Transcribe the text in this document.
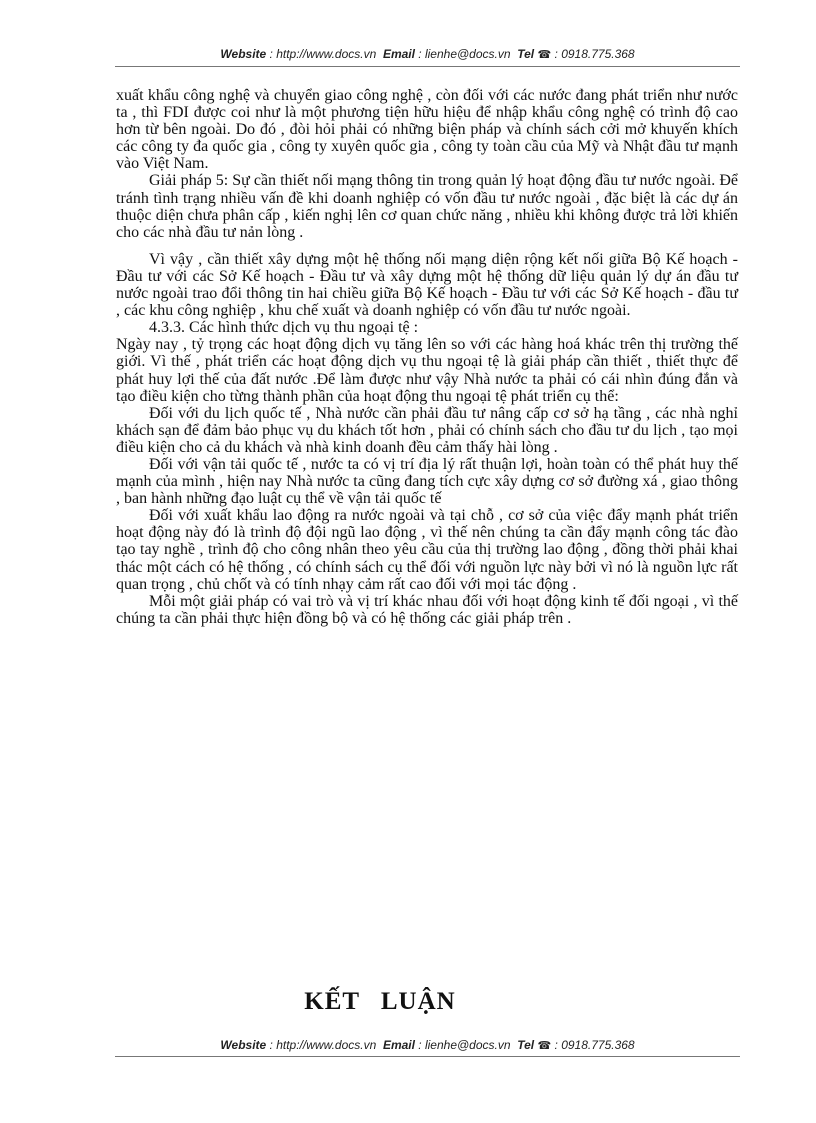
Website : http://www.docs.vn Email : lienhe@docs.vn Tel ☎ : 0918.775.368

xuất khẩu công nghệ và chuyển giao công nghệ , còn đối với các nước đang phát triển như nước ta , thì FDI được coi như là một phương tiện hữu hiệu để nhập khẩu công nghệ có trình độ cao hơn từ bên ngoài. Do đó , đòi hỏi phải có những biện pháp và chính sách cởi mở khuyến khích các công ty đa quốc gia , công ty xuyên quốc gia , công ty toàn cầu của Mỹ và Nhật đầu tư mạnh vào Việt Nam.

Giải pháp 5: Sự cần thiết nối mạng thông tin trong quản lý hoạt động đầu tư nước ngoài. Để tránh tình trạng nhiều vấn đề khi doanh nghiệp có vốn đầu tư nước ngoài , đặc biệt là các dự án thuộc diện chưa phân cấp , kiến nghị lên cơ quan chức năng , nhiều khi không được trả lời khiến cho các nhà đầu tư nản lòng .

Vì vậy , cần thiết xây dựng một hệ thống nối mạng diện rộng kết nối giữa Bộ Kế hoạch - Đầu tư với các Sở Kế hoạch - Đầu tư và xây dựng một hệ thống dữ liệu quản lý dự án đầu tư nước ngoài trao đổi thông tin hai chiều giữa Bộ Kế hoạch - Đầu tư với các Sở Kế hoạch - đầu tư , các khu công nghiệp , khu chế xuất và doanh nghiệp có vốn đầu tư nước ngoài.

4.3.3. Các hình thức dịch vụ thu ngoại tệ :

Ngày nay , tỷ trọng các hoạt động dịch vụ tăng lên so với các hàng hoá khác trên thị trường thế giới. Vì thế , phát triển các hoạt động dịch vụ thu ngoại tệ là giải pháp cần thiết , thiết thực để phát huy lợi thế của đất nước .Để làm được như vậy Nhà nước ta phải có cái nhìn đúng đắn và tạo điều kiện cho từng thành phần của hoạt động thu ngoại tệ phát triển cụ thể:

Đối với du lịch quốc tế , Nhà nước cần phải đầu tư nâng cấp cơ sở hạ tầng , các nhà nghỉ khách sạn để đảm bảo phục vụ du khách tốt hơn , phải có chính sách cho đầu tư du lịch , tạo mọi điều kiện cho cả du khách và nhà kinh doanh đều cảm thấy hài lòng .

Đối với vận tải quốc tế , nước ta có vị trí địa lý rất thuận lợi, hoàn toàn có thể phát huy thế mạnh của mình , hiện nay Nhà nước ta cũng đang tích cực xây dựng cơ sở đường xá , giao thông , ban hành những đạo luật cụ thể về vận tải quốc tế

Đối với xuất khẩu lao động ra nước ngoài và tại chỗ , cơ sở của việc đẩy mạnh phát triển hoạt động này đó là trình độ đội ngũ lao động , vì thế nên chúng ta cần đẩy mạnh công tác đào tạo tay nghề , trình độ cho công nhân theo yêu cầu của thị trường lao động , đồng thời phải khai thác một cách có hệ thống , có chính sách cụ thể đối với nguồn lực này bởi vì nó là nguồn lực rất quan trọng , chủ chốt và có tính nhạy cảm rất cao đối với mọi tác động .

Mỗi một giải pháp có vai trò và vị trí khác nhau đối với hoạt động kinh tế đối ngoại , vì thế chúng ta cần phải thực hiện đồng bộ và có hệ thống các giải pháp trên .

KẾT LUẬN
Website : http://www.docs.vn Email : lienhe@docs.vn Tel ☎ : 0918.775.368
